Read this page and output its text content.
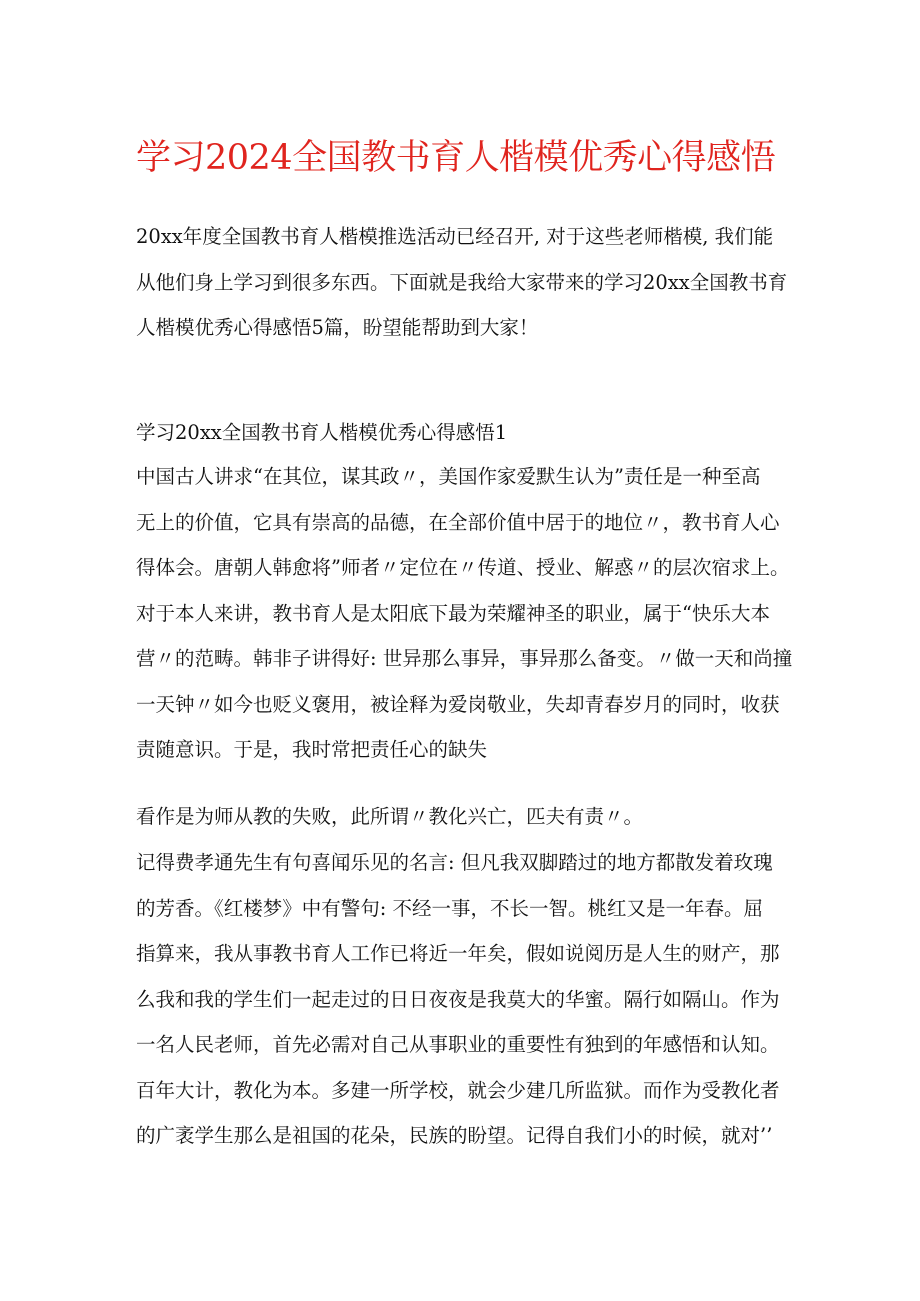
学习2024全国教书育人楷模优秀心得感悟
20xx年度全国教书育人楷模推选活动已经召开, 对于这些老师楷模, 我们能
从他们身上学习到很多东西。下面就是我给大家带来的学习20xx全国教书育
人楷模优秀心得感悟5篇，盼望能帮助到大家！
学习20xx全国教书育人楷模优秀心得感悟1
中国古人讲求“在其位，谋其政〃，美国作家爱默生认为”责任是一种至高
无上的价值，它具有崇高的品德，在全部价值中居于的地位〃，教书育人心
得体会。唐朝人韩愈将”师者〃定位在〃传道、授业、解惑〃的层次宿求上。
对于本人来讲，教书育人是太阳底下最为荣耀神圣的职业，属于“快乐大本
营〃的范畴。韩非子讲得好: 世异那么事异，事异那么备变。〃做一天和尚撞
一天钟〃如今也贬义褒用，被诠释为爱岗敬业，失却青春岁月的同时，收获
责随意识。于是，我时常把责任心的缺失
看作是为师从教的失败，此所谓〃教化兴亡，匹夫有责〃。
记得费孝通先生有句喜闻乐见的名言: 但凡我双脚踏过的地方都散发着玫瑰
的芳香。《红楼梦》中有警句: 不经一事，不长一智。桃红又是一年春。屈
指算来，我从事教书育人工作已将近一年矣，假如说阅历是人生的财产，那
么我和我的学生们一起走过的日日夜夜是我莫大的华蜜。隔行如隔山。作为
一名人民老师，首先必需对自己从事职业的重要性有独到的年感悟和认知。
百年大计，教化为本。多建一所学校，就会少建几所监狱。而作为受教化者
的广袤学生那么是祖国的花朵，民族的盼望。记得自我们小的时候，就对’’
